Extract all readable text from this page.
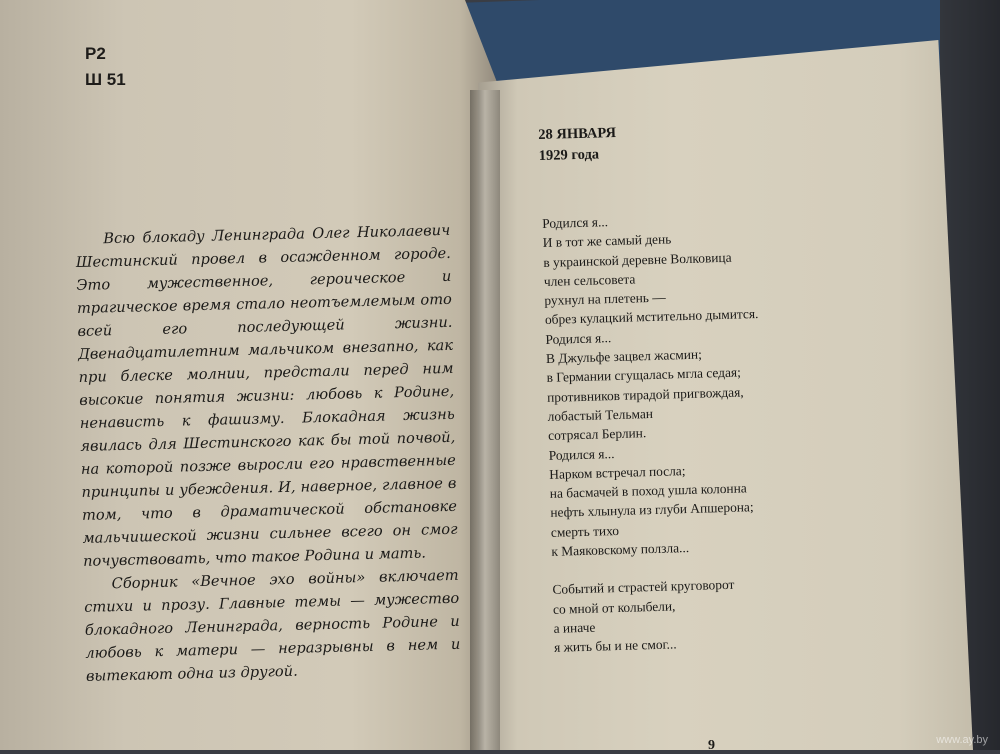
Р2
Ш 51

Всю блокаду Ленинграда Олег Николаевич Шестинский провел в осажденном городе. Это мужественное, героическое и трагическое время стало неотъемлемым ото всей его последующей жизни. Двенадцатилетним мальчиком внезапно, как при блеске молнии, предстали перед ним высокие понятия жизни: любовь к Родине, ненависть к фашизму. Блокадная жизнь явилась для Шестинского как бы той почвой, на которой позже выросли его нравственные принципы и убеждения. И, наверное, главное в том, что в драматической обстановке мальчишеской жизни сильнее всего он смог почувствовать, что такое Родина и мать.

Сборник «Вечное эхо войны» включает стихи и прозу. Главные темы — мужество блокадного Ленинграда, верность Родине и любовь к матери — неразрывны в нем и вытекают одна из другой.

28 ЯНВАРЯ
1929 года
Родился я...
И в тот же самый день
в украинской деревне Волковица
член сельсовета
рухнул на плетень —
обрез кулацкий мстительно дымится.
Родился я...
В Джульфе зацвел жасмин;
в Германии сгущалась мгла седая;
противников тирадой пригвождая,
лобастый Тельман
сотрясал Берлин.
Родился я...
Нарком встречал посла;
на басмачей в поход ушла колонна
нефть хлынула из глуби Апшерона;
смерть тихо
к Маяковскому ползла...
Событий и страстей круговорот
со мной от колыбели,
а иначе
я жить бы и не смог...
9	www.ay.by
